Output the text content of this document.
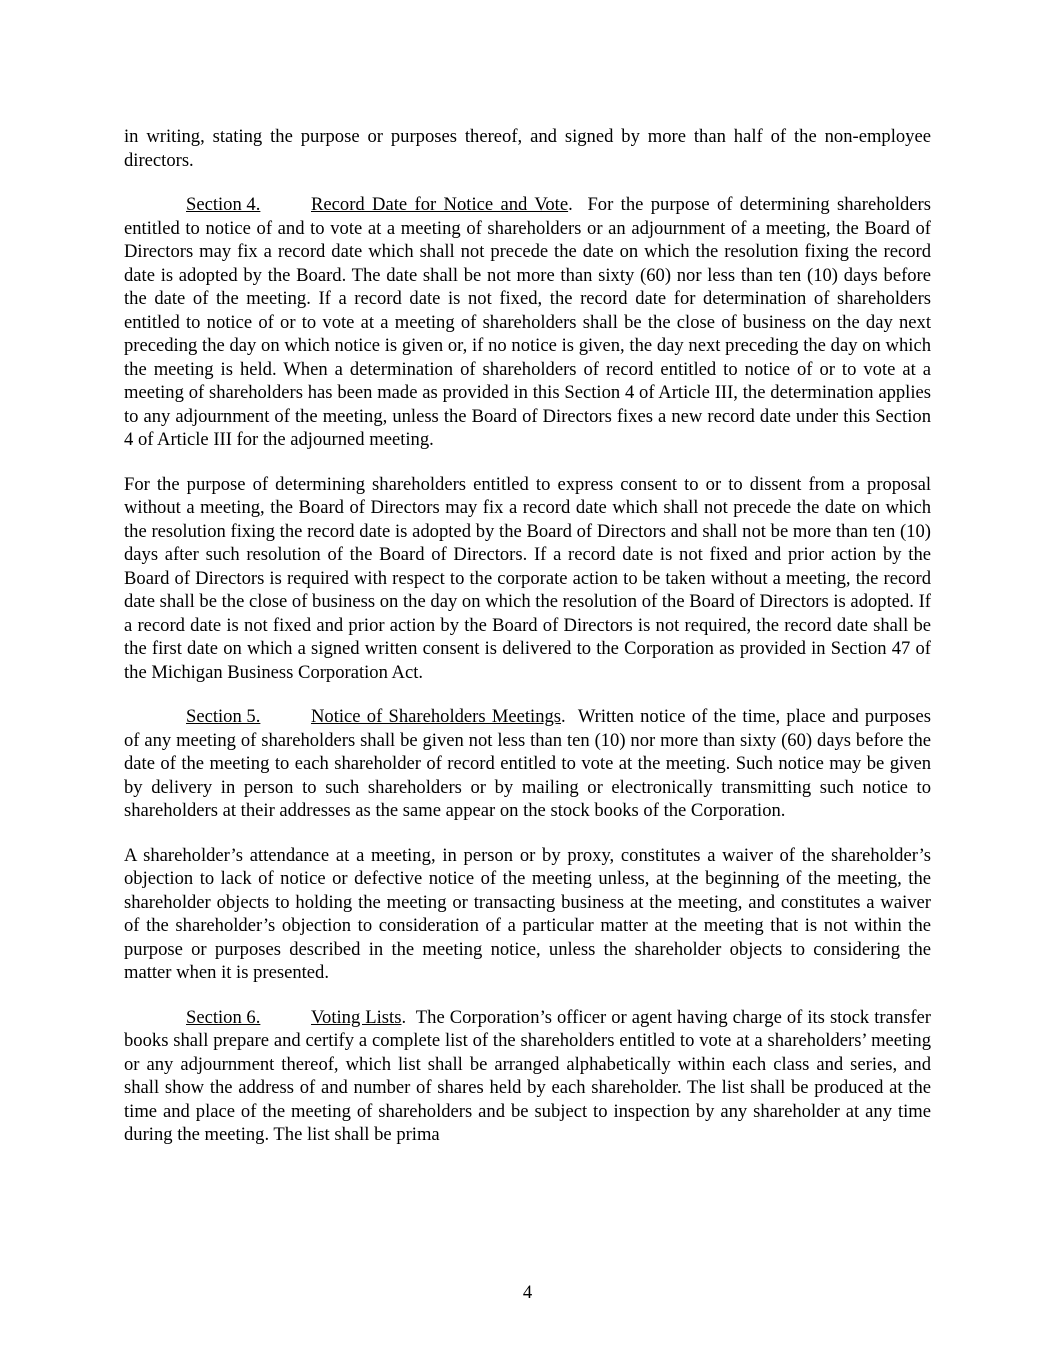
in writing, stating the purpose or purposes thereof, and signed by more than half of the non-employee directors.

Section 4.	Record Date for Notice and Vote. For the purpose of determining shareholders entitled to notice of and to vote at a meeting of shareholders or an adjournment of a meeting, the Board of Directors may fix a record date which shall not precede the date on which the resolution fixing the record date is adopted by the Board. The date shall be not more than sixty (60) nor less than ten (10) days before the date of the meeting. If a record date is not fixed, the record date for determination of shareholders entitled to notice of or to vote at a meeting of shareholders shall be the close of business on the day next preceding the day on which notice is given or, if no notice is given, the day next preceding the day on which the meeting is held. When a determination of shareholders of record entitled to notice of or to vote at a meeting of shareholders has been made as provided in this Section 4 of Article III, the determination applies to any adjournment of the meeting, unless the Board of Directors fixes a new record date under this Section 4 of Article III for the adjourned meeting.

For the purpose of determining shareholders entitled to express consent to or to dissent from a proposal without a meeting, the Board of Directors may fix a record date which shall not precede the date on which the resolution fixing the record date is adopted by the Board of Directors and shall not be more than ten (10) days after such resolution of the Board of Directors. If a record date is not fixed and prior action by the Board of Directors is required with respect to the corporate action to be taken without a meeting, the record date shall be the close of business on the day on which the resolution of the Board of Directors is adopted. If a record date is not fixed and prior action by the Board of Directors is not required, the record date shall be the first date on which a signed written consent is delivered to the Corporation as provided in Section 47 of the Michigan Business Corporation Act.

Section 5.	Notice of Shareholders Meetings. Written notice of the time, place and purposes of any meeting of shareholders shall be given not less than ten (10) nor more than sixty (60) days before the date of the meeting to each shareholder of record entitled to vote at the meeting. Such notice may be given by delivery in person to such shareholders or by mailing or electronically transmitting such notice to shareholders at their addresses as the same appear on the stock books of the Corporation.

A shareholder’s attendance at a meeting, in person or by proxy, constitutes a waiver of the shareholder’s objection to lack of notice or defective notice of the meeting unless, at the beginning of the meeting, the shareholder objects to holding the meeting or transacting business at the meeting, and constitutes a waiver of the shareholder’s objection to consideration of a particular matter at the meeting that is not within the purpose or purposes described in the meeting notice, unless the shareholder objects to considering the matter when it is presented.

Section 6.	Voting Lists. The Corporation’s officer or agent having charge of its stock transfer books shall prepare and certify a complete list of the shareholders entitled to vote at a shareholders’ meeting or any adjournment thereof, which list shall be arranged alphabetically within each class and series, and shall show the address of and number of shares held by each shareholder. The list shall be produced at the time and place of the meeting of shareholders and be subject to inspection by any shareholder at any time during the meeting. The list shall be prima

4
